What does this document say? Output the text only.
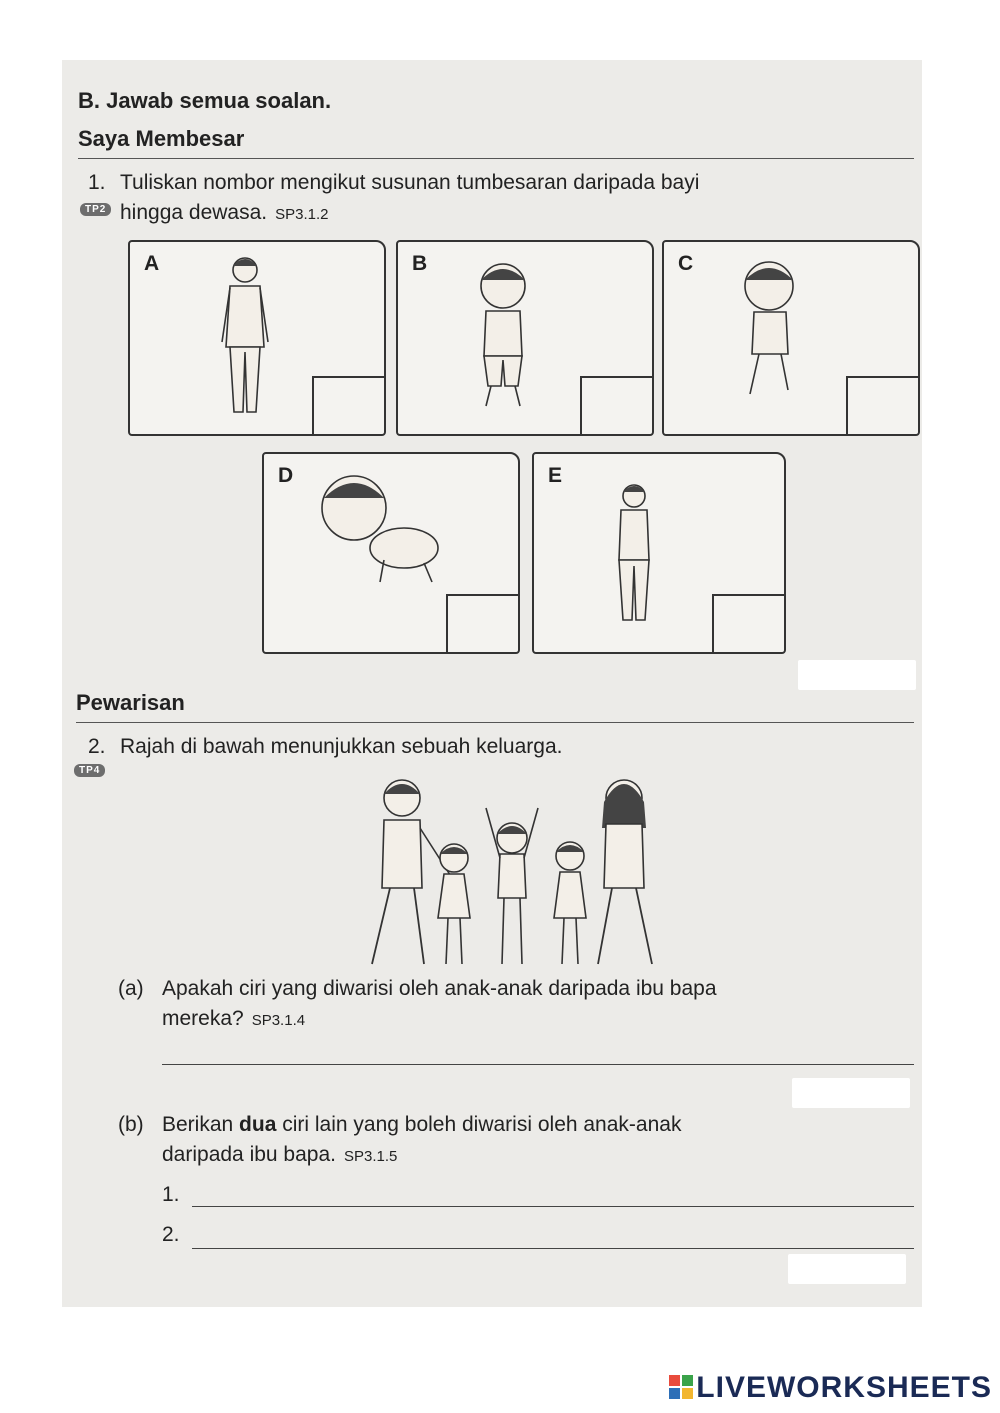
B. Jawab semua soalan.
Saya Membesar
1. Tuliskan nombor mengikut susunan tumbesaran daripada bayi
TP2 hingga dewasa. SP3.1.2
A	B	C
D	E
Pewarisan
2. Rajah di bawah menunjukkan sebuah keluarga.
TP4
(a) Apakah ciri yang diwarisi oleh anak-anak daripada ibu bapa
mereka? SP3.1.4
(b) Berikan dua ciri lain yang boleh diwarisi oleh anak-anak
daripada ibu bapa. SP3.1.5
1.
2.
LIVEWORKSHEETS
